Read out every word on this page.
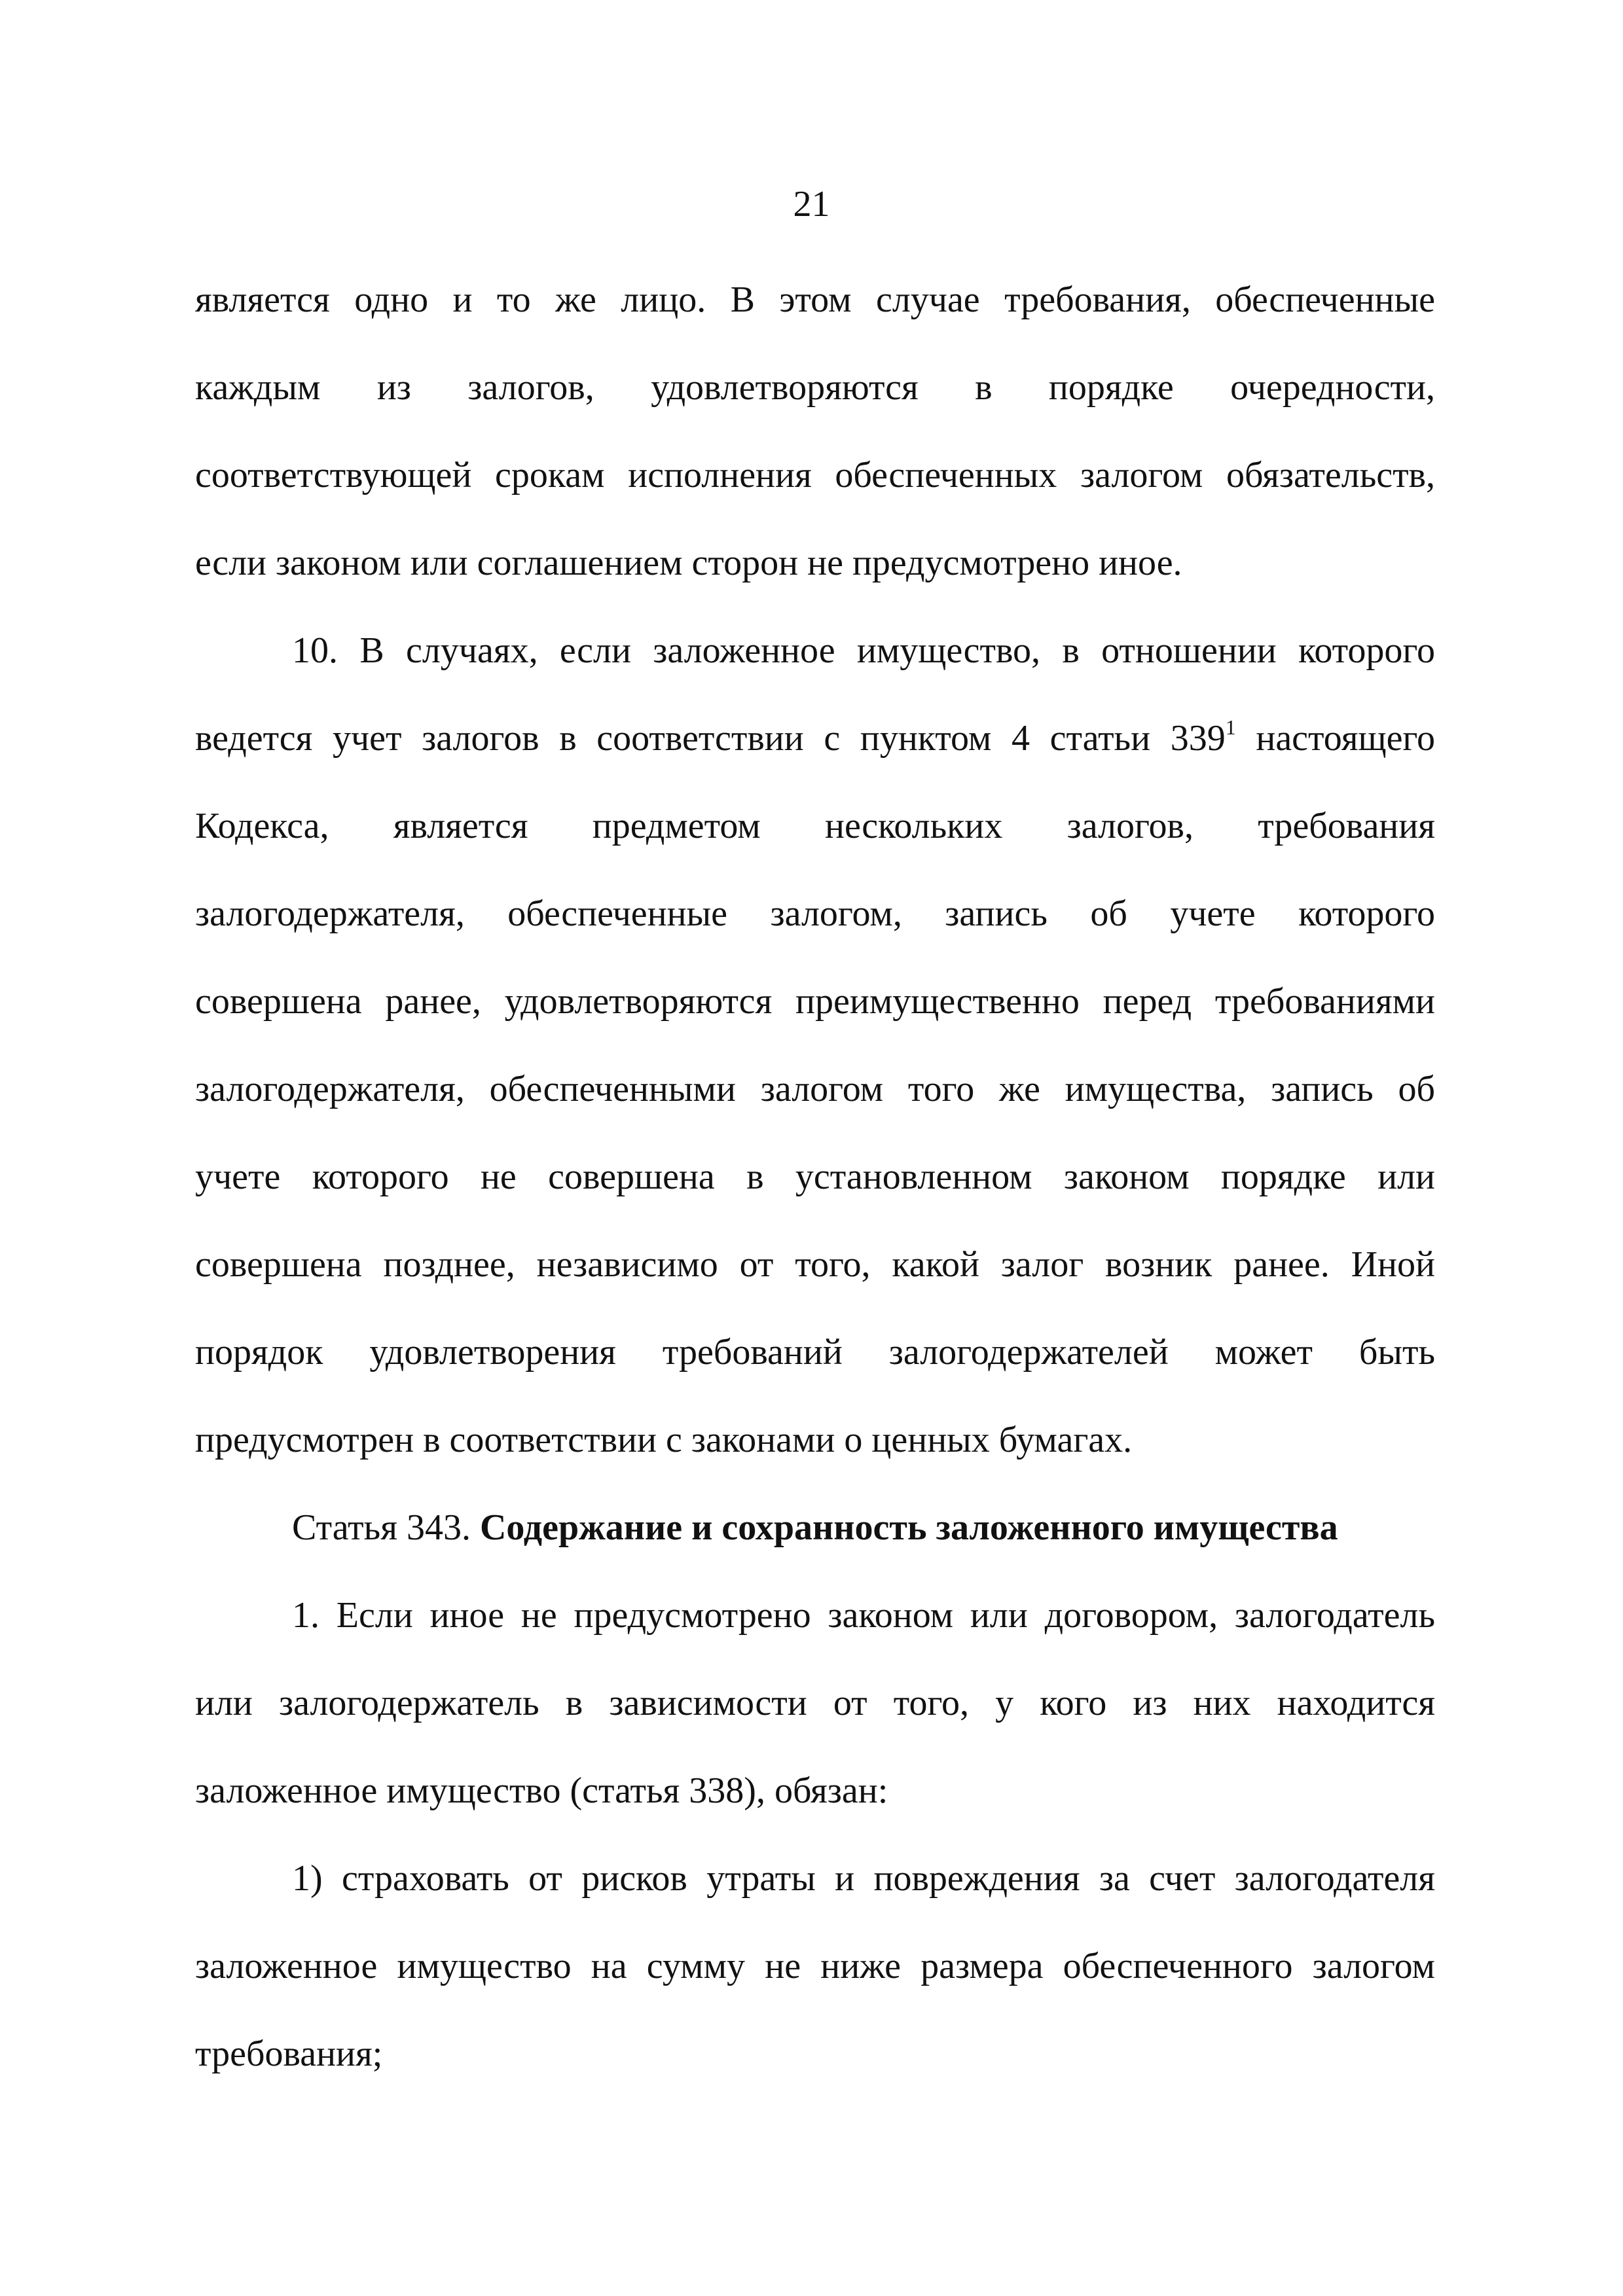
21
является одно и то же лицо. В этом случае требования, обеспеченные
каждым из залогов, удовлетворяются в порядке очередности,
соответствующей срокам исполнения обеспеченных залогом обязательств,
если законом или соглашением сторон не предусмотрено иное.
10. В случаях, если заложенное имущество, в отношении которого
ведется учет залогов в соответствии с пунктом 4 статьи $339^1$ настоящего
Кодекса, является предметом нескольких залогов, требования
залогодержателя, обеспеченные залогом, запись об учете которого
совершена ранее, удовлетворяются преимущественно перед требованиями
залогодержателя, обеспеченными залогом того же имущества, запись об
учете которого не совершена в установленном законом порядке или
совершена позднее, независимо от того, какой залог возник ранее. Иной
порядок удовлетворения требований залогодержателей может быть
предусмотрен в соответствии с законами о ценных бумагах.
Статья 343. Содержание и сохранность заложенного имущества
1. Если иное не предусмотрено законом или договором, залогодатель
или залогодержатель в зависимости от того, у кого из них находится
заложенное имущество (статья 338), обязан:
1) страховать от рисков утраты и повреждения за счет залогодателя
заложенное имущество на сумму не ниже размера обеспеченного залогом
требования;
